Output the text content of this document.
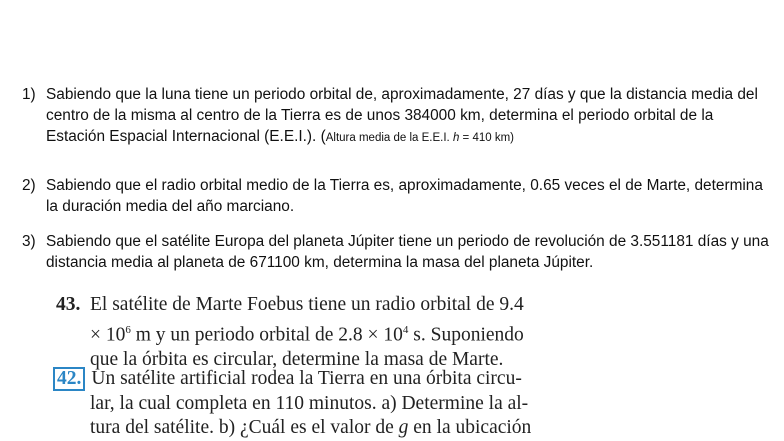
1) Sabiendo que la luna tiene un periodo orbital de, aproximadamente, 27 días y que la distancia media del centro de la misma al centro de la Tierra es de unos 384000 km, determina el periodo orbital de la Estación Espacial Internacional (E.E.I.). (Altura media de la E.E.I. h = 410 km)
2) Sabiendo que el radio orbital medio de la Tierra es, aproximadamente, 0.65 veces el de Marte, determina la duración media del año marciano.
3) Sabiendo que el satélite Europa del planeta Júpiter tiene un periodo de revolución de 3.551181 días y una distancia media al planeta de 671100 km, determina la masa del planeta Júpiter.
43. El satélite de Marte Foebus tiene un radio orbital de 9.4
× $10^6$ m y un periodo orbital de $2.8 \times 10^4$ s. Suponiendo
que la órbita es circular, determine la masa de Marte.
42. Un satélite artificial rodea la Tierra en una órbita circu-
lar, la cual completa en 110 minutos. a) Determine la al-
tura del satélite. b) ¿Cuál es el valor de g en la ubicación
